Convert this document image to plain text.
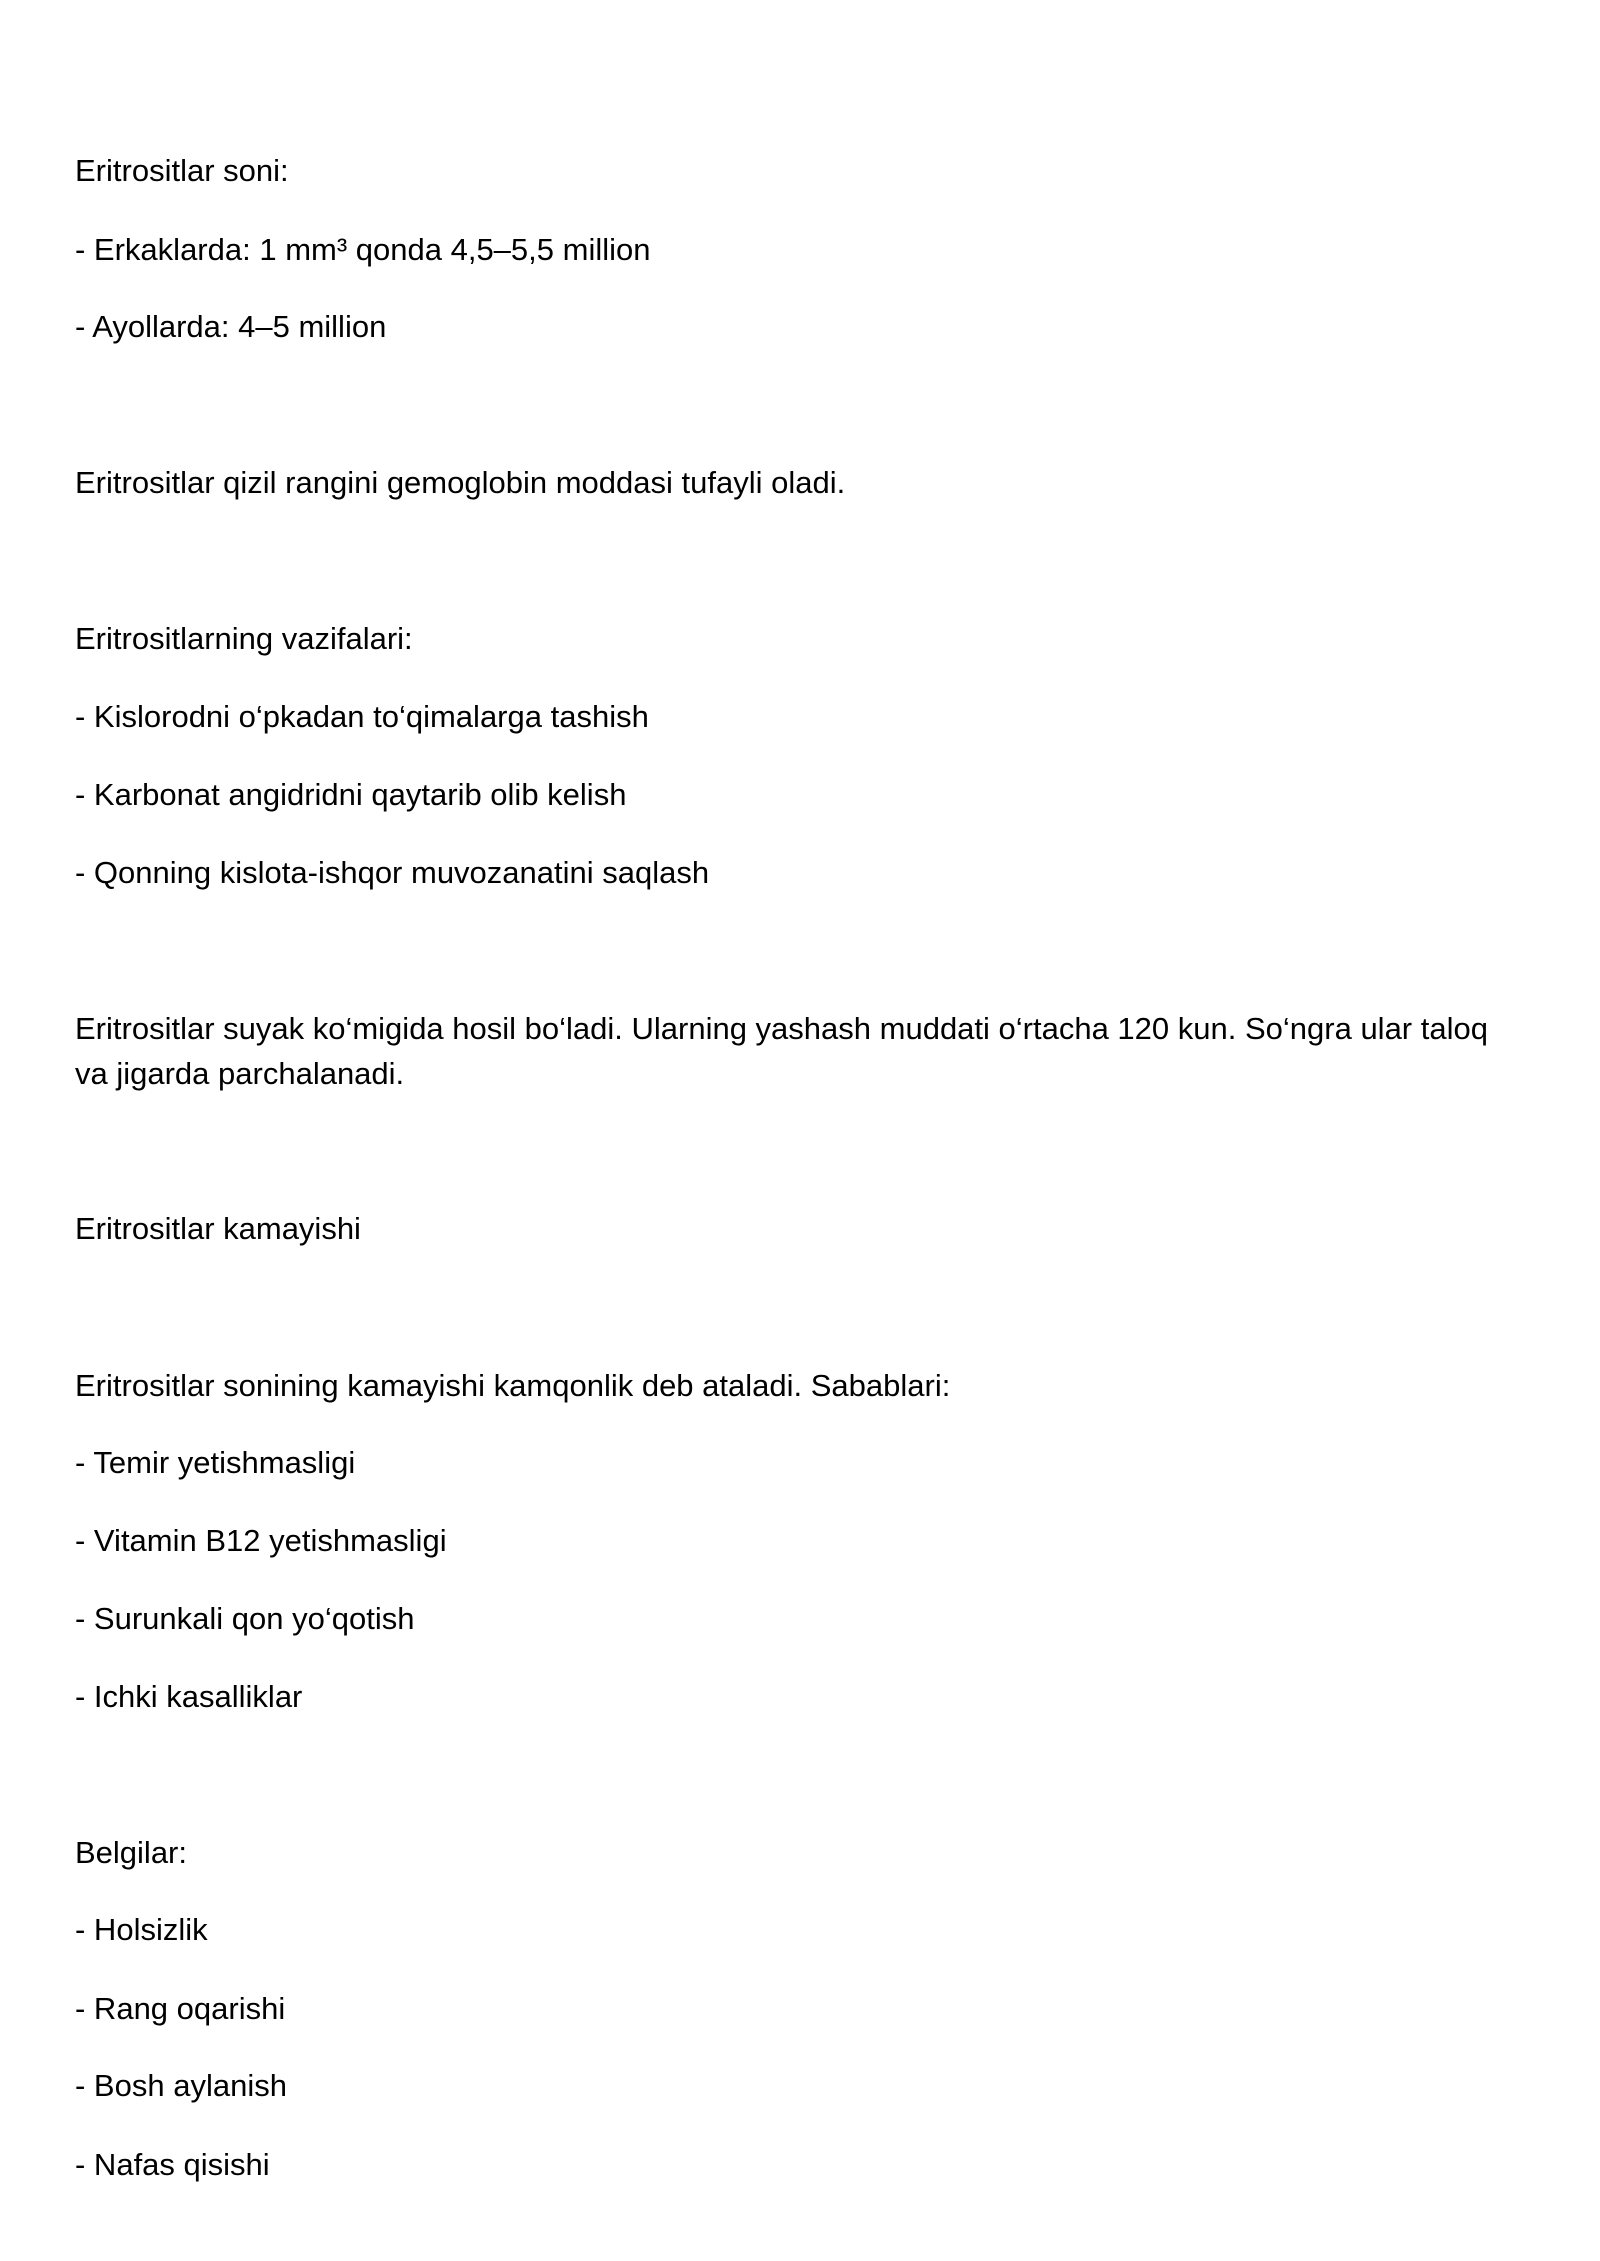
Eritrositlar soni:

- Erkaklarda: 1 mm³ qonda 4,5–5,5 million

- Ayollarda: 4–5 million

Eritrositlar qizil rangini gemoglobin moddasi tufayli oladi.

Eritrositlarning vazifalari:

- Kislorodni o‘pkadan to‘qimalarga tashish

- Karbonat angidridni qaytarib olib kelish

- Qonning kislota-ishqor muvozanatini saqlash

Eritrositlar suyak ko‘migida hosil bo‘ladi. Ularning yashash muddati o‘rtacha 120 kun. So‘ngra ular taloq va jigarda parchalanadi.

Eritrositlar kamayishi

Eritrositlar sonining kamayishi kamqonlik deb ataladi. Sabablari:

- Temir yetishmasligi

- Vitamin B12 yetishmasligi

- Surunkali qon yo‘qotish

- Ichki kasalliklar

Belgilar:

- Holsizlik

- Rang oqarishi

- Bosh aylanish

- Nafas qisishi
